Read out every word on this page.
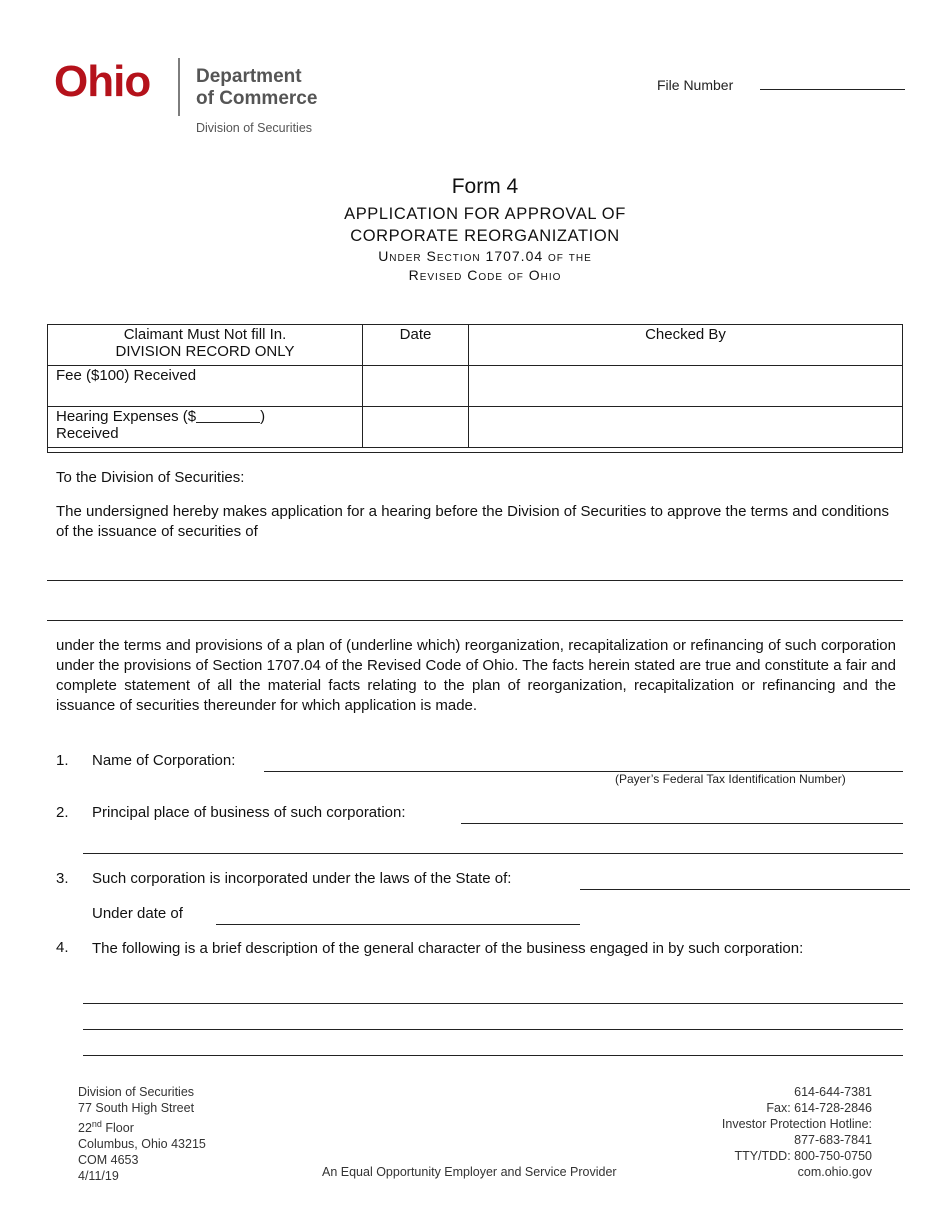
Ohio Department
of Commerce
Division of Securities
File Number
Form 4
APPLICATION FOR APPROVAL OF
CORPORATE REORGANIZATION
Under Section 1707.04 of the
Revised Code of Ohio
Claimant Must Not fill In.
DIVISION RECORD ONLY	Date	Checked By
Fee ($100) Received		

Hearing Expenses ($ )
Received		

To the Division of Securities:
The undersigned hereby makes application for a hearing before the Division of Securities to approve the terms and conditions of the issuance of securities of
under the terms and provisions of a plan of (underline which) reorganization, recapitalization or refinancing of such corporation under the provisions of Section 1707.04 of the Revised Code of Ohio. The facts herein stated are true and constitute a fair and complete statement of all the material facts relating to the plan of reorganization, recapitalization or refinancing and the issuance of securities thereunder for which application is made.
1. Name of Corporation:
(Payer’s Federal Tax Identification Number)
2. Principal place of business of such corporation:
3. Such corporation is incorporated under the laws of the State of:
Under date of
4. The following is a brief description of the general character of the business engaged in by such corporation:
Division of Securities
77 South High Street
22nd Floor
Columbus, Ohio 43215
COM 4653
4/11/19	An Equal Opportunity Employer and Service Provider
614-644-7381
Fax: 614-728-2846
Investor Protection Hotline:
877-683-7841
TTY/TDD: 800-750-0750
com.ohio.gov
